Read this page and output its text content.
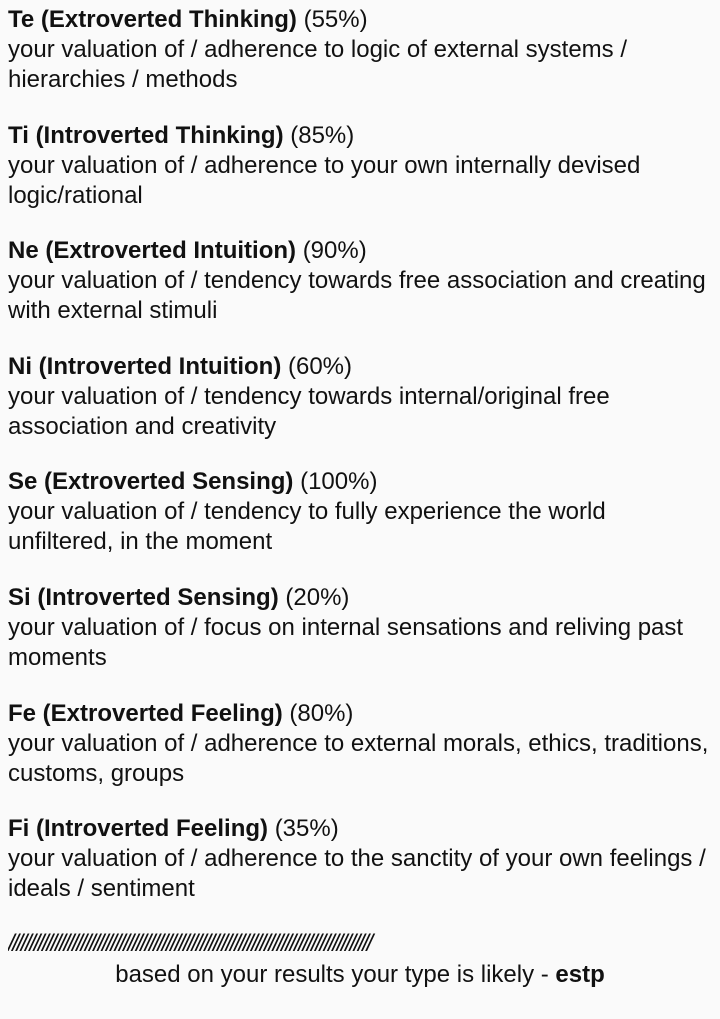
Te (Extroverted Thinking) (55%)
your valuation of / adherence to logic of external systems / hierarchies / methods
Ti (Introverted Thinking) (85%)
your valuation of / adherence to your own internally devised logic/rational
Ne (Extroverted Intuition) (90%)
your valuation of / tendency towards free association and creating with external stimuli
Ni (Introverted Intuition) (60%)
your valuation of / tendency towards internal/original free association and creativity
Se (Extroverted Sensing) (100%)
your valuation of / tendency to fully experience the world unfiltered, in the moment
Si (Introverted Sensing) (20%)
your valuation of / focus on internal sensations and reliving past moments
Fe (Extroverted Feeling) (80%)
your valuation of / adherence to external morals, ethics, traditions, customs, groups
Fi (Introverted Feeling) (35%)
your valuation of / adherence to the sanctity of your own feelings / ideals / sentiment
/////////////////////////////////////////////////////////////////////////////////////
based on your results your type is likely - estp
